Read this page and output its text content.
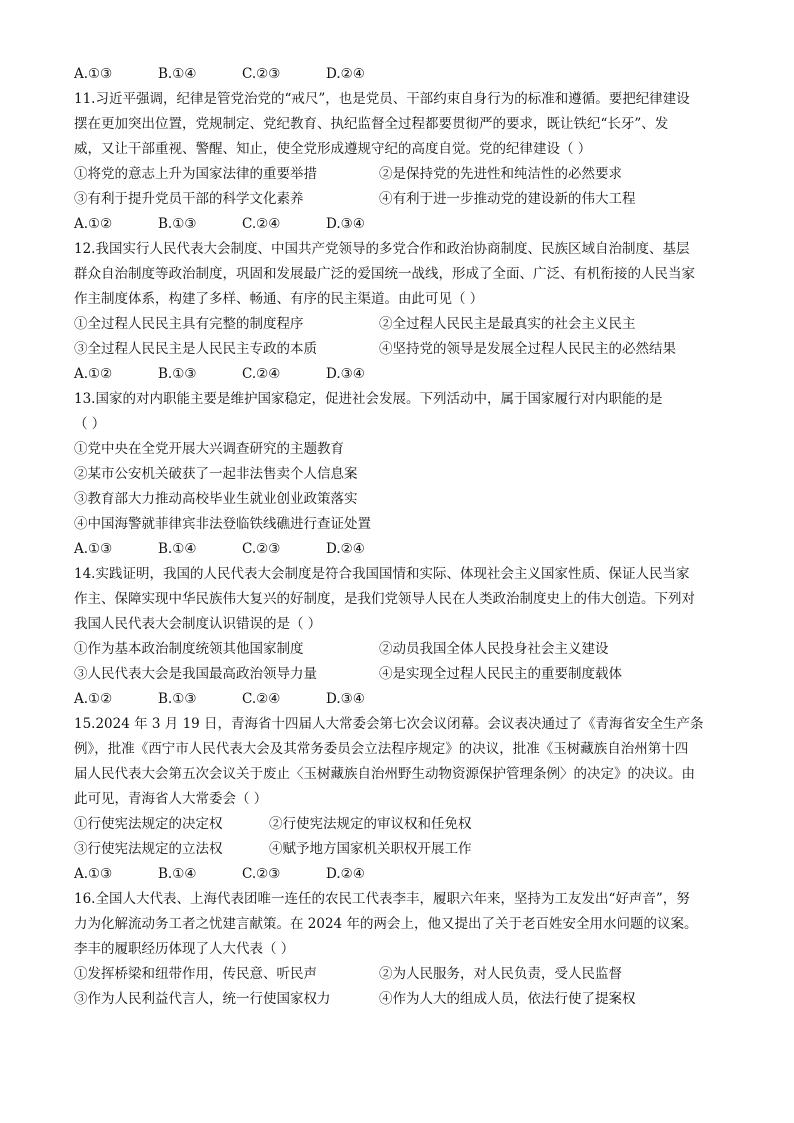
A.①③	B.①④	C.②③	D.②④
11.习近平强调，纪律是管党治党的“戒尺”，也是党员、干部约束自身行为的标准和遵循。要把纪律建设
摆在更加突出位置，党规制定、党纪教育、执纪监督全过程都要贯彻严的要求，既让铁纪“长牙”、发
威，又让干部重视、警醒、知止，使全党形成遵规守纪的高度自觉。党的纪律建设（ ）
①将党的意志上升为国家法律的重要举措	②是保持党的先进性和纯洁性的必然要求
③有利于提升党员干部的科学文化素养	④有利于进一步推动党的建设新的伟大工程
A.①②	B.①③	C.②④	D.③④
12.我国实行人民代表大会制度、中国共产党领导的多党合作和政治协商制度、民族区域自治制度、基层
群众自治制度等政治制度，巩固和发展最广泛的爱国统一战线，形成了全面、广泛、有机衔接的人民当家
作主制度体系，构建了多样、畅通、有序的民主渠道。由此可见（ ）
①全过程人民民主具有完整的制度程序	②全过程人民民主是最真实的社会主义民主
③全过程人民民主是人民民主专政的本质	④坚持党的领导是发展全过程人民民主的必然结果
A.①②	B.①③	C.②④	D.③④
13.国家的对内职能主要是维护国家稳定，促进社会发展。下列活动中，属于国家履行对内职能的是
（ ）
①党中央在全党开展大兴调查研究的主题教育
②某市公安机关破获了一起非法售卖个人信息案
③教育部大力推动高校毕业生就业创业政策落实
④中国海警就菲律宾非法登临铁线礁进行查证处置
A.①③	B.①④	C.②③	D.②④
14.实践证明，我国的人民代表大会制度是符合我国国情和实际、体现社会主义国家性质、保证人民当家
作主、保障实现中华民族伟大复兴的好制度，是我们党领导人民在人类政治制度史上的伟大创造。下列对
我国人民代表大会制度认识错误的是（ ）
①作为基本政治制度统领其他国家制度	②动员我国全体人民投身社会主义建设
③人民代表大会是我国最高政治领导力量	④是实现全过程人民民主的重要制度载体
A.①②	B.①③	C.②④	D.③④
15.2024 年 3 月 19 日，青海省十四届人大常委会第七次会议闭幕。会议表决通过了《青海省安全生产条
例》，批准《西宁市人民代表大会及其常务委员会立法程序规定》的决议，批准《玉树藏族自治州第十四
届人民代表大会第五次会议关于废止〈玉树藏族自治州野生动物资源保护管理条例〉的决定》的决议。由
此可见，青海省人大常委会（ ）
①行使宪法规定的决定权	②行使宪法规定的审议权和任免权
③行使宪法规定的立法权	④赋予地方国家机关职权开展工作
A.①③	B.①④	C.②③	D.②④
16.全国人大代表、上海代表团唯一连任的农民工代表李丰，履职六年来，坚持为工友发出“好声音”，努
力为化解流动务工者之忧建言献策。在 2024 年的两会上，他又提出了关于老百姓安全用水问题的议案。
李丰的履职经历体现了人大代表（ ）
①发挥桥梁和纽带作用，传民意、听民声	②为人民服务，对人民负责，受人民监督
③作为人民利益代言人，统一行使国家权力	④作为人大的组成人员，依法行使了提案权
